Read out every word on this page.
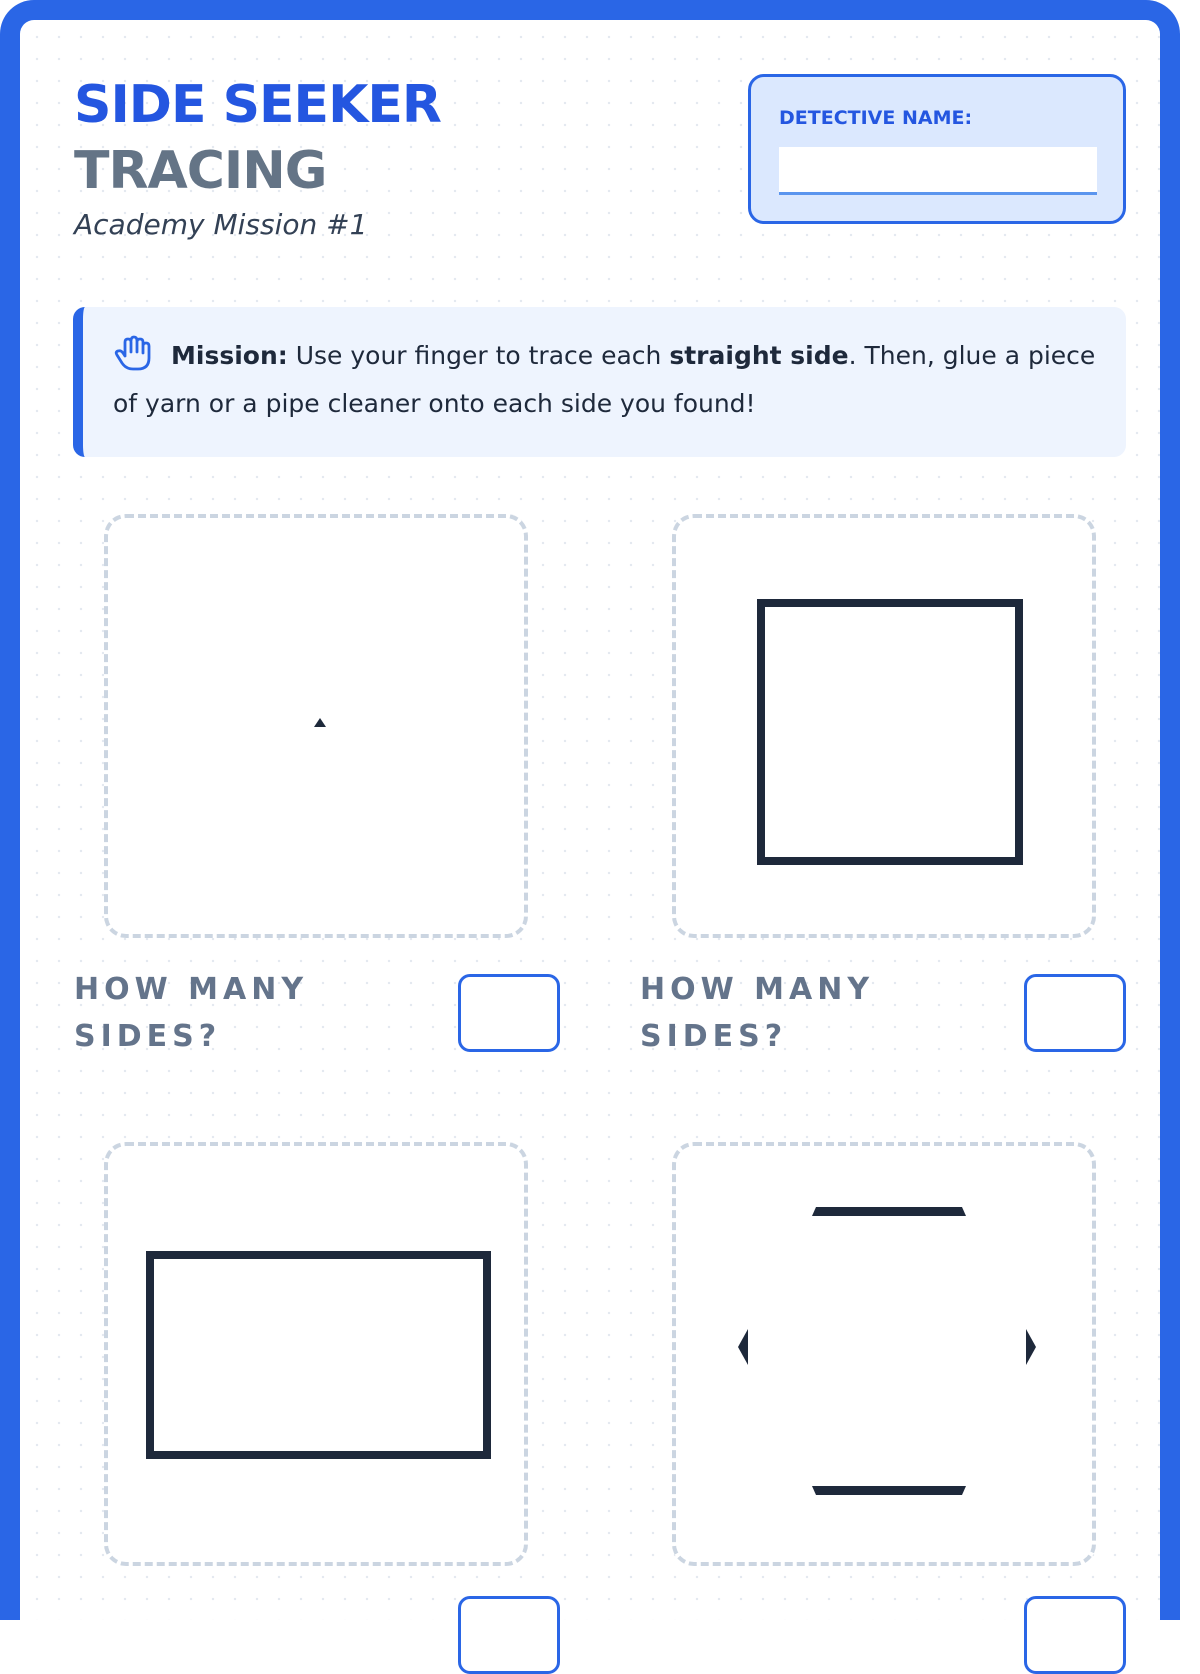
SIDE SEEKER
TRACING
Academy Mission #1
DETECTIVE NAME:
Mission: Use your finger to trace each straight side. Then, glue a piece of yarn or a pipe cleaner onto each side you found!
HOW MANY
SIDES?
HOW MANY
SIDES?
